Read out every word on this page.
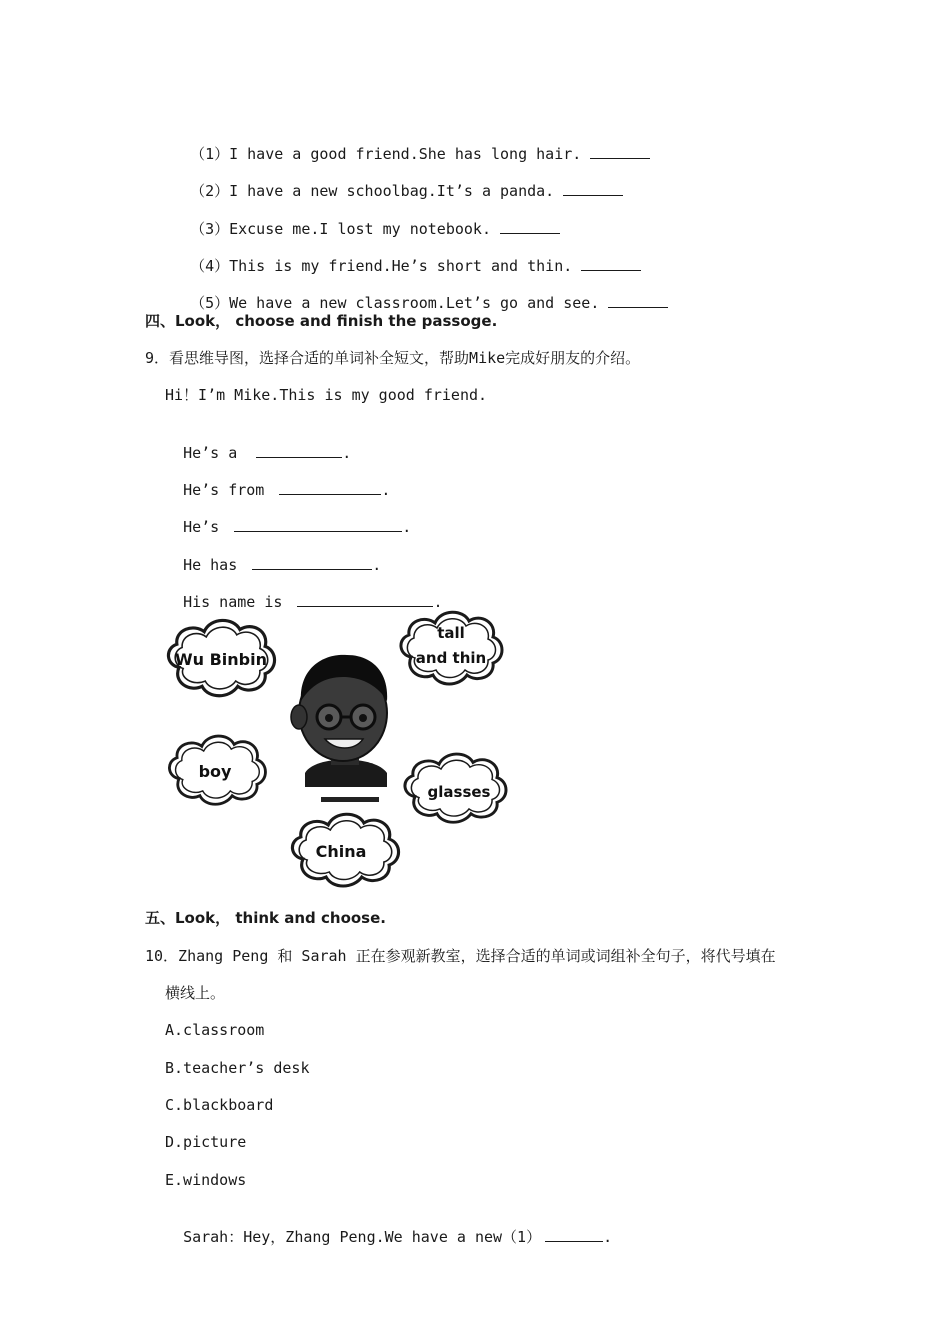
（1）I have a good friend.She has long hair.

（2）I have a new schoolbag.It’s a panda.

（3）Excuse me.I lost my notebook.

（4）This is my friend.He’s short and thin.

（5）We have a new classroom.Let’s go and see.

四、Look， choose and finish the passoge.
9．看思维导图，选择合适的单词补全短文，帮助Mike完成好朋友的介绍。
Hi！I’m Mike.This is my good friend.

He’s a	.

He’s from	.

He’s	.

He has	.

His name is	.

Wu Binbin
tall
and thin
boy
glasses
China
五、Look， think and choose.
10．Zhang Peng 和 Sarah 正在参观新教室，选择合适的单词或词组补全句子，将代号填在
横线上。
A.classroom
B.teacher’s desk
C.blackboard
D.picture
E.windows

Sarah：Hey，Zhang Peng.We have a new（1）	.
